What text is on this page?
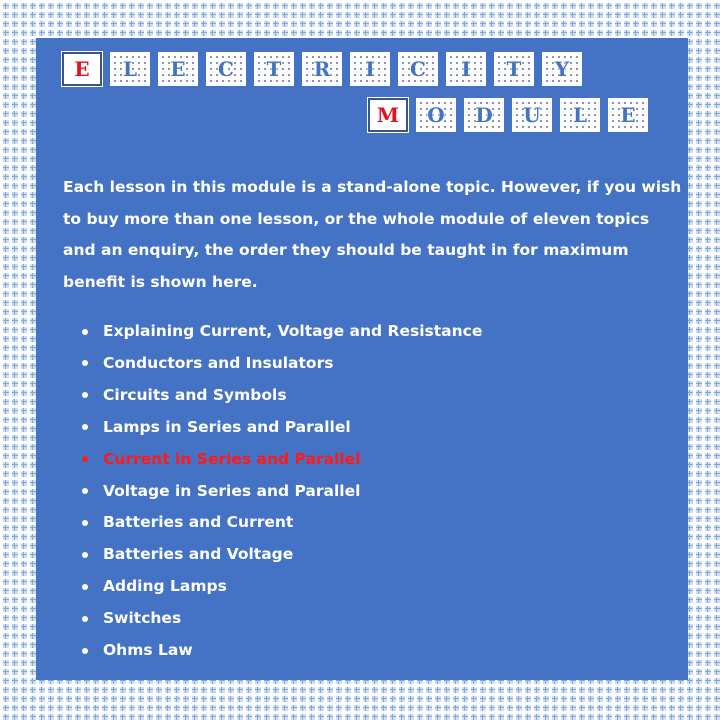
E	L	E	C	T	R	I	C	I	T	Y
M	O	D	U	L	E

Each lesson in this module is a stand-alone topic. However, if you wish to buy more than one lesson, or the whole module of eleven topics and an enquiry, the order they should be taught in for maximum benefit is shown here.

Explaining Current, Voltage and Resistance
Conductors and Insulators
Circuits and Symbols
Lamps in Series and Parallel
Current in Series and Parallel
Voltage in Series and Parallel
Batteries and Current
Batteries and Voltage
Adding Lamps
Switches
Ohms Law
